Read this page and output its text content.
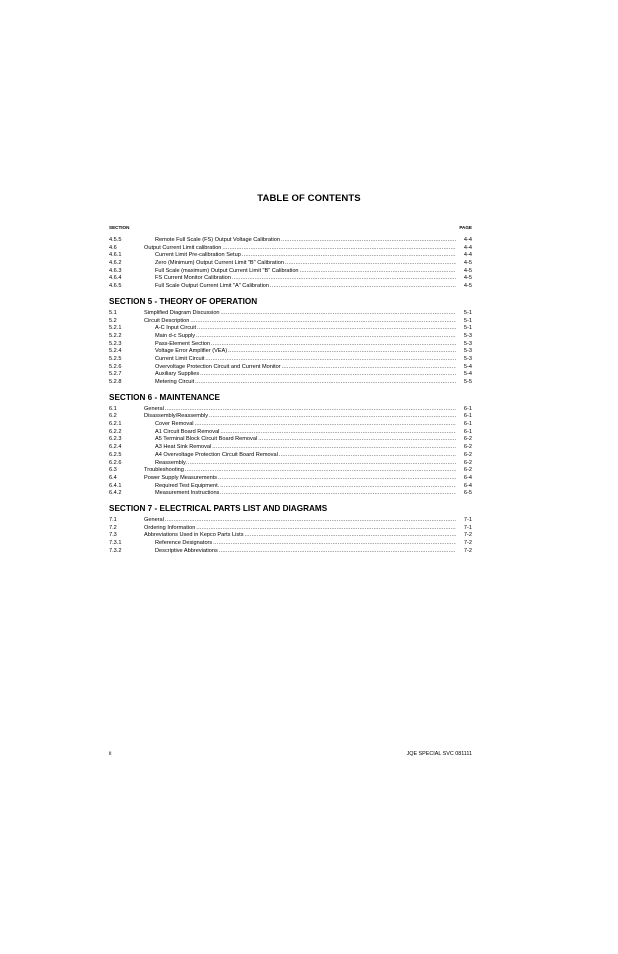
TABLE OF CONTENTS
SECTION	PAGE
4.5.5	Remote Full Scale (FS) Output Voltage Calibration .....	4-4
4.6	Output Current Limit calibration .....	4-4
4.6.1	Current Limit Pre-calibration Setup .....	4-4
4.6.2	Zero (Minimum) Output Current Limit "B" Calibration .....	4-5
4.6.3	Full Scale (maximum) Output Current Limit "B" Calibration .....	4-5
4.6.4	FS Current Monitor Calibration .....	4-5
4.6.5	Full Scale Output Current Limit "A" Calibration .....	4-5
SECTION 5 - THEORY OF OPERATION
5.1	Simplified Diagram Discussion .....	5-1
5.2	Circuit Description .....	5-1
5.2.1	A-C Input Circuit .....	5-1
5.2.2	Main d-c Supply .....	5-3
5.2.3	Pass-Element Section .....	5-3
5.2.4	Voltage Error Amplifier (VEA) .....	5-3
5.2.5	Current Limit Circuit .....	5-3
5.2.6	Overvoltage Protection Circuit and Current Monitor .....	5-4
5.2.7	Auxiliary Supplies .....	5-4
5.2.8	Metering Circuit .....	5-5
SECTION 6 - MAINTENANCE
6.1	General .....	6-1
6.2	Disassembly/Reassembly .....	6-1
6.2.1	Cover Removal .....	6-1
6.2.2	A1 Circuit Board Removal .....	6-1
6.2.3	A5 Terminal Block Circuit Board Removal .....	6-2
6.2.4	A3 Heat Sink Removal .....	6-2
6.2.5	A4 Overvoltage Protection Circuit Board Removal .....	6-2
6.2.6	Reassembly. .....	6-2
6.3	Troubleshooting .....	6-2
6.4	Power Supply Measurements .....	6-4
6.4.1	Required Test Equipment. .....	6-4
6.4.2	Measurement Instructions. .....	6-5
SECTION 7 - ELECTRICAL PARTS LIST AND DIAGRAMS
7.1	General .....	7-1
7.2	Ordering Information .....	7-1
7.3	Abbreviations Used in Kepco Parts Lists .....	7-2
7.3.1	Reference Designators .....	7-2
7.3.2	Descriptive Abbreviations .....	7-2
ii	JQE SPECIAL SVC 081111
